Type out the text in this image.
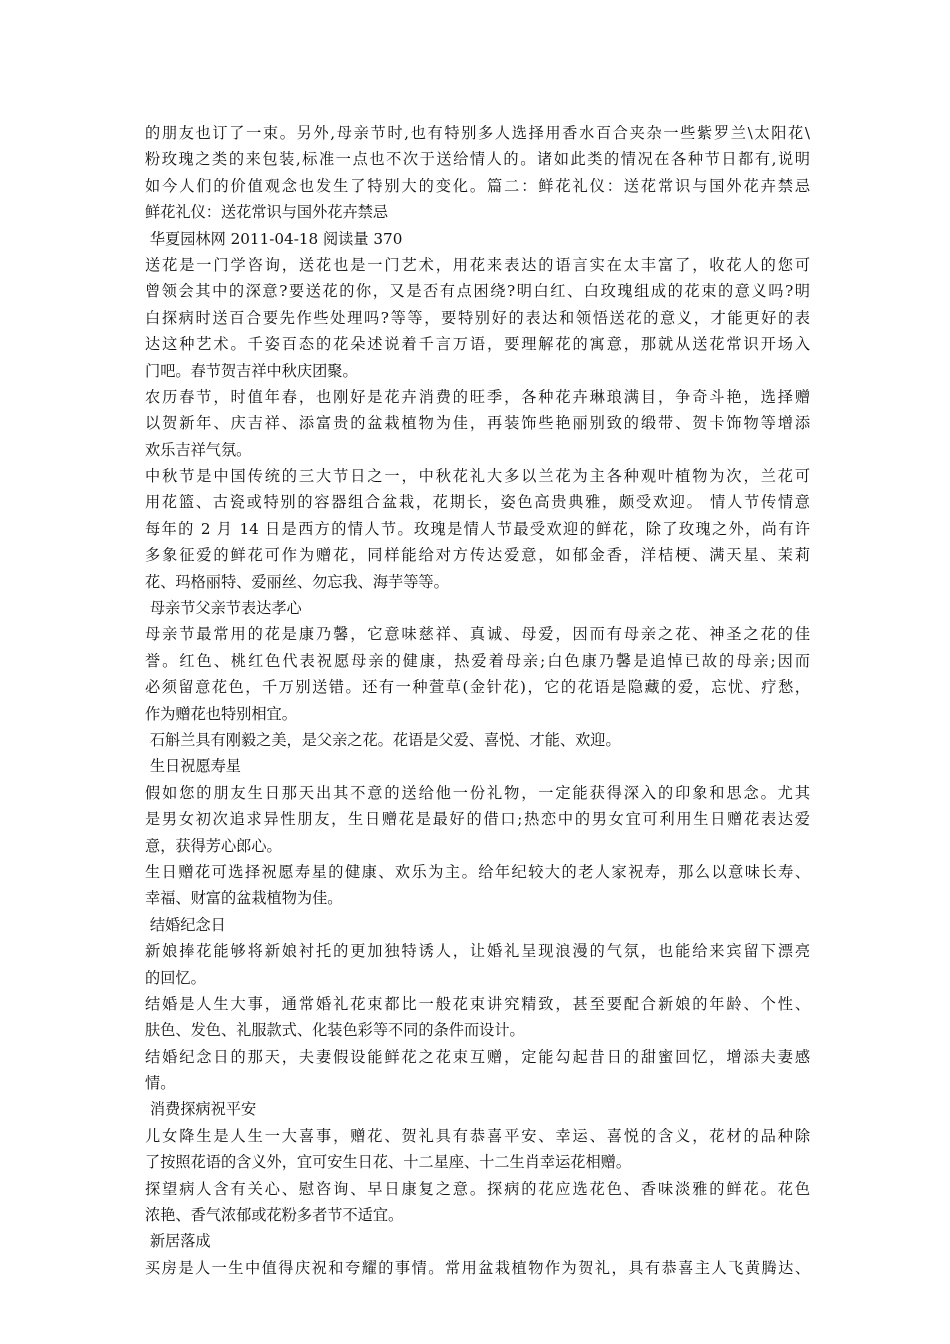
的朋友也订了一束。另外,母亲节时,也有特别多人选择用香水百合夹杂一些紫罗兰\太阳花\
粉玫瑰之类的来包装,标准一点也不次于送给情人的。诸如此类的情况在各种节日都有,说明
如今人们的价值观念也发生了特别大的变化。篇二：鲜花礼仪：送花常识与国外花卉禁忌
鲜花礼仪：送花常识与国外花卉禁忌
华夏园林网 2011-04-18 阅读量 370
送花是一门学咨询，送花也是一门艺术，用花来表达的语言实在太丰富了，收花人的您可
曾领会其中的深意?要送花的你，又是否有点困绕?明白红、白玫瑰组成的花束的意义吗?明
白探病时送百合要先作些处理吗?等等，要特别好的表达和领悟送花的意义，才能更好的表
达这种艺术。千姿百态的花朵述说着千言万语，要理解花的寓意，那就从送花常识开场入
门吧。春节贺吉祥中秋庆团聚。
农历春节，时值年春，也刚好是花卉消费的旺季，各种花卉琳琅满目，争奇斗艳，选择赠
以贺新年、庆吉祥、添富贵的盆栽植物为佳，再装饰些艳丽别致的缎带、贺卡饰物等增添
欢乐吉祥气氛。
中秋节是中国传统的三大节日之一，中秋花礼大多以兰花为主各种观叶植物为次，兰花可
用花篮、古瓷或特别的容器组合盆栽，花期长，姿色高贵典雅，颇受欢迎。 情人节传情意
每年的 2 月 14 日是西方的情人节。玫瑰是情人节最受欢迎的鲜花，除了玫瑰之外，尚有许
多象征爱的鲜花可作为赠花，同样能给对方传达爱意，如郁金香，洋桔梗、满天星、茉莉
花、玛格丽特、爱丽丝、勿忘我、海芋等等。
母亲节父亲节表达孝心
母亲节最常用的花是康乃馨，它意味慈祥、真诚、母爱，因而有母亲之花、神圣之花的佳
誉。红色、桃红色代表祝愿母亲的健康，热爱着母亲;白色康乃馨是追悼已故的母亲;因而
必须留意花色，千万别送错。还有一种萱草(金针花)，它的花语是隐藏的爱，忘忧、疗愁，
作为赠花也特别相宜。
石斛兰具有刚毅之美，是父亲之花。花语是父爱、喜悦、才能、欢迎。
生日祝愿寿星
假如您的朋友生日那天出其不意的送给他一份礼物，一定能获得深入的印象和思念。尤其
是男女初次追求异性朋友，生日赠花是最好的借口;热恋中的男女宜可利用生日赠花表达爱
意，获得芳心郎心。
生日赠花可选择祝愿寿星的健康、欢乐为主。给年纪较大的老人家祝寿，那么以意味长寿、
幸福、财富的盆栽植物为佳。
结婚纪念日
新娘捧花能够将新娘衬托的更加独特诱人，让婚礼呈现浪漫的气氛，也能给来宾留下漂亮
的回忆。
结婚是人生大事，通常婚礼花束都比一般花束讲究精致，甚至要配合新娘的年龄、个性、
肤色、发色、礼服款式、化装色彩等不同的条件而设计。
结婚纪念日的那天，夫妻假设能鲜花之花束互赠，定能勾起昔日的甜蜜回忆，增添夫妻感
情。
消费探病祝平安
儿女降生是人生一大喜事，赠花、贺礼具有恭喜平安、幸运、喜悦的含义，花材的品种除
了按照花语的含义外，宜可安生日花、十二星座、十二生肖幸运花相赠。
探望病人含有关心、慰咨询、早日康复之意。探病的花应选花色、香味淡雅的鲜花。花色
浓艳、香气浓郁或花粉多者节不适宜。
新居落成
买房是人一生中值得庆祝和夸耀的事情。常用盆栽植物作为贺礼，具有恭喜主人飞黄腾达、
